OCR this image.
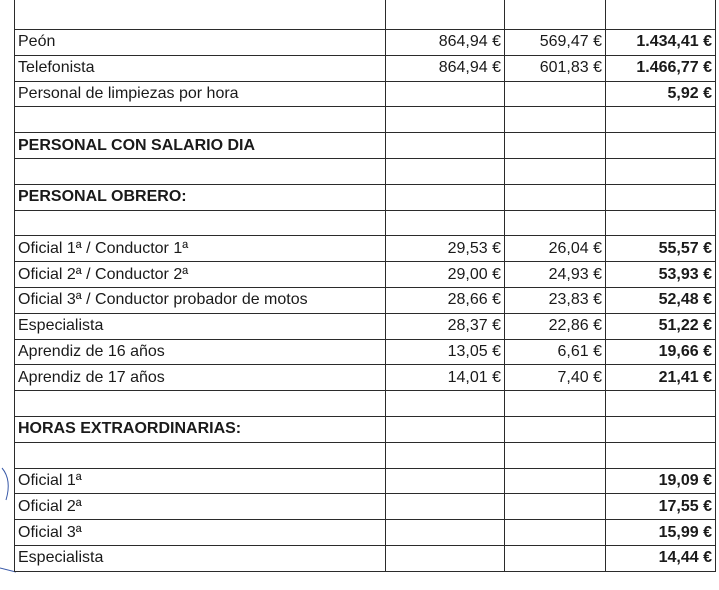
Peón	864,94 €	569,47 €	1.434,41 €
Telefonista	864,94 €	601,83 €	1.466,77 €
Personal de limpiezas por hora			5,92 €

PERSONAL CON SALARIO DIA			

PERSONAL OBRERO:			

Oficial 1ª / Conductor 1ª	29,53 €	26,04 €	55,57 €
Oficial 2ª / Conductor 2ª	29,00 €	24,93 €	53,93 €
Oficial 3ª / Conductor probador de motos	28,66 €	23,83 €	52,48 €
Especialista	28,37 €	22,86 €	51,22 €
Aprendiz de 16 años	13,05 €	6,61 €	19,66 €
Aprendiz de 17 años	14,01 €	7,40 €	21,41 €

HORAS EXTRAORDINARIAS:			

Oficial 1ª			19,09 €
Oficial 2ª			17,55 €
Oficial 3ª			15,99 €
Especialista			14,44 €
